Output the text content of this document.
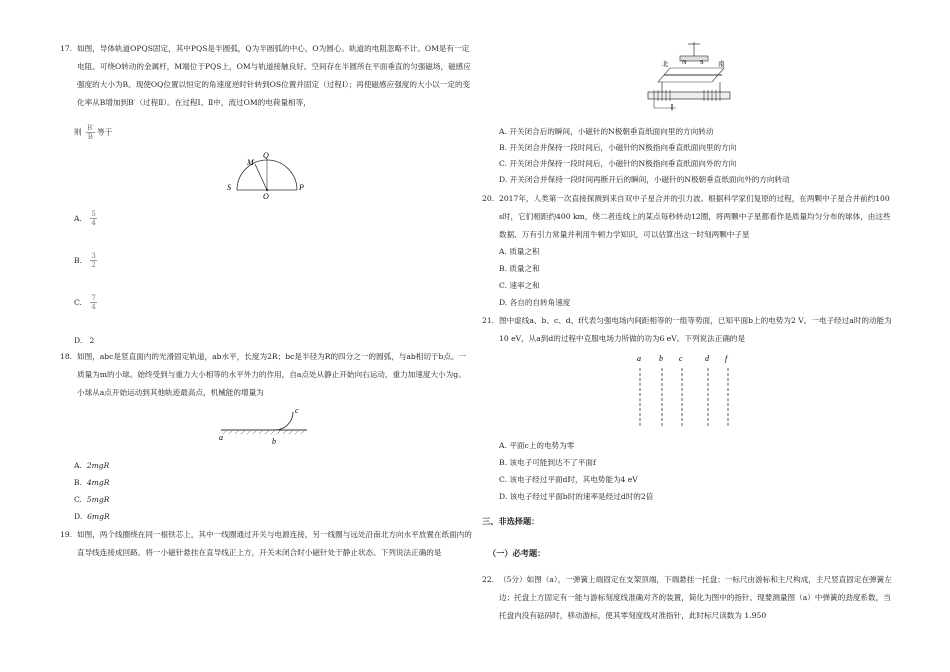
17. 如图，导体轨道OPQS固定，其中PQS是半圆弧，Q为半圆弧的中心，O为圆心。轨道的电阻忽略不计。OM是有一定电阻、可绕O转动的金属杆，M端位于PQS上，OM与轨道接触良好。空间存在半圆所在平面垂直的匀强磁场，磁感应强度的大小为B。现使OQ位置以恒定的角速度逆时针转到OS位置并固定（过程Ⅰ）；再使磁感应强度的大小以一定的变化率从B增加到B′（过程Ⅱ）。在过程Ⅰ、Ⅱ中，流过OM的电荷量相等，
则 $\frac{B'}{B}$ 等于
M
Q
S
O
P
A. $\frac{5}{4}$
B. $\frac{3}{2}$
C. $\frac{7}{4}$
D. 2
18. 如图，abc是竖直面内的光滑固定轨道，ab水平，长度为2R；bc是半径为R的四分之一的圆弧，与ab相切于b点。一质量为m的小球。始终受到与重力大小相等的水平外力的作用，自a点处从静止开始向右运动，重力加速度大小为g。小球从a点开始运动到其他轨迹最高点，机械能的增量为
a	b
c
A. 2mgR
B. 4mgR
C. 5mgR
D. 6mgR
19. 如图，两个线圈绕在同一根铁芯上，其中一线圈通过开关与电源连接，另一线圈与远处沿南北方向水平放置在纸面内的直导线连接成回路。将一小磁针悬挂在直导线正上方，开关未闭合时小磁针处于静止状态。下列说法正确的是
N S
北	南
A. 开关闭合后的瞬间，小磁针的N极朝垂直纸面向里的方向转动
B. 开关闭合并保持一段时间后，小磁针的N极指向垂直纸面向里的方向
C. 开关闭合并保持一段时间后，小磁针的N极指向垂直纸面向外的方向
D. 开关闭合并保持一段时间再断开后的瞬间，小磁针的N极朝垂直纸面向外的方向转动
20. 2017年，人类第一次直接探测到来自双中子星合并的引力波。根据科学家们复原的过程，在两颗中子星合并前约100 s时，它们相距约400 km，绕二者连线上的某点每秒转动12圈，将两颗中子星都看作是质量均匀分布的球体，由这些数据、万有引力常量并利用牛顿力学知识，可以估算出这一时刻两颗中子星
A. 质量之积
B. 质量之和
C. 速率之和
D. 各自的自转角速度
21. 图中虚线a、b、c、d、f代表匀强电场内间距相等的一组等势面，已知平面b上的电势为2 V。一电子经过a时的动能为10 eV，从a到d的过程中克服电场力所做的功为6 eV。下列说法正确的是
a b c	d f
A. 平面c上的电势为零
B. 该电子可能到达不了平面f
C. 该电子经过平面d时，其电势能为4 eV
D. 该电子经过平面b时的速率是经过d时的2倍
三、非选择题：
（一）必考题：
22. （5分）如图（a），一弹簧上端固定在支架顶端，下端悬挂一托盘；一标尺由游标和主尺构成，主尺竖直固定在弹簧左边；托盘上方固定有一能与游标刻度线准确对齐的装置，简化为图中的指针。现要测量图（a）中弹簧的劲度系数，当托盘内没有砝码时，移动游标，使其零刻度线对准指针，此时标尺读数为 1.950
